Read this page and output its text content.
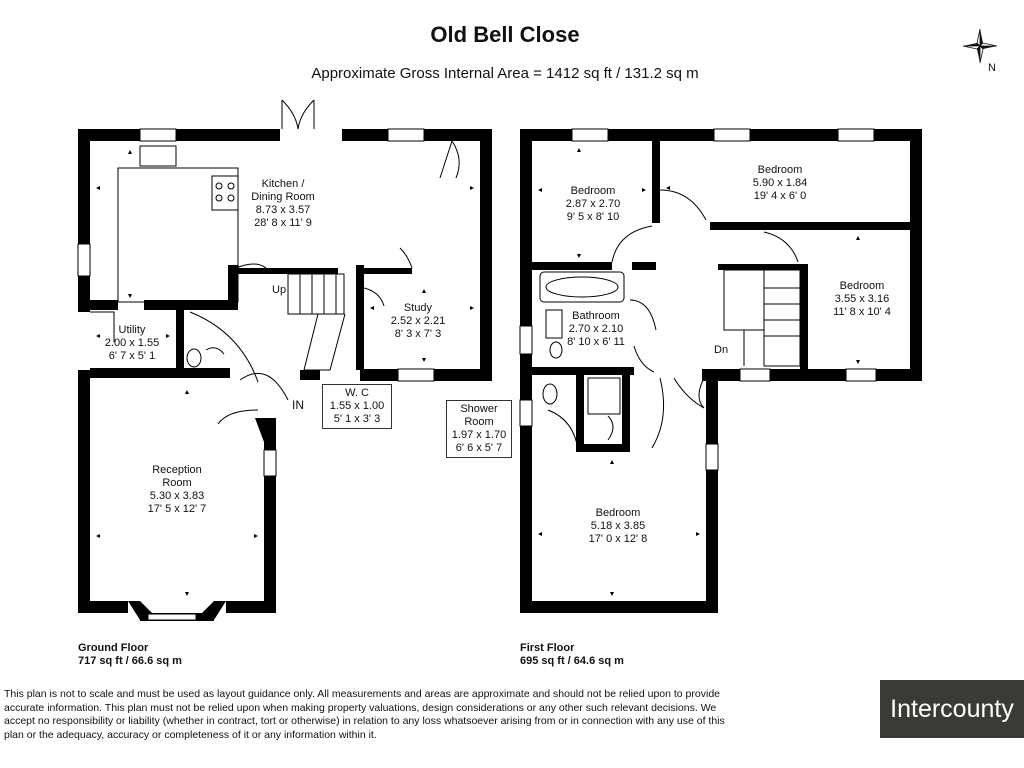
Old Bell Close
Approximate Gross Internal Area = 1412 sq ft / 131.2 sq m	N
Kitchen /
Dining Room
8.73 x 3.57
28' 8 x 11' 9
Utility
2.00 x 1.55
6' 7 x 5' 1
Study
2.52 x 2.21
8' 3 x 7' 3
W. C
1.55 x 1.00
5' 1 x 3' 3
Reception
Room
5.30 x 3.83
17' 5 x 12' 7
Up
IN
Bedroom
2.87 x 2.70
9' 5 x 8' 10
Bedroom
5.90 x 1.84
19' 4 x 6' 0
Bedroom
3.55 x 3.16
11' 8 x 10' 4
Bathroom
2.70 x 2.10
8' 10 x 6' 11
Shower
Room
1.97 x 1.70
6' 6 x 5' 7
Bedroom
5.18 x 3.85
17' 0 x 12' 8
Dn
Ground Floor
717 sq ft / 66.6 sq m
First Floor
695 sq ft / 64.6 sq m
This plan is not to scale and must be used as layout guidance only. All measurements and areas are approximate and should not be relied upon to provide accurate information. This plan must not be relied upon when making property valuations, design considerations or any other such relevant decisions. We accept no responsibility or liability (whether in contract, tort or otherwise) in relation to any loss whatsoever arising from or in connection with any use of this plan or the adequacy, accuracy or completeness of it or any information within it.
Intercounty
